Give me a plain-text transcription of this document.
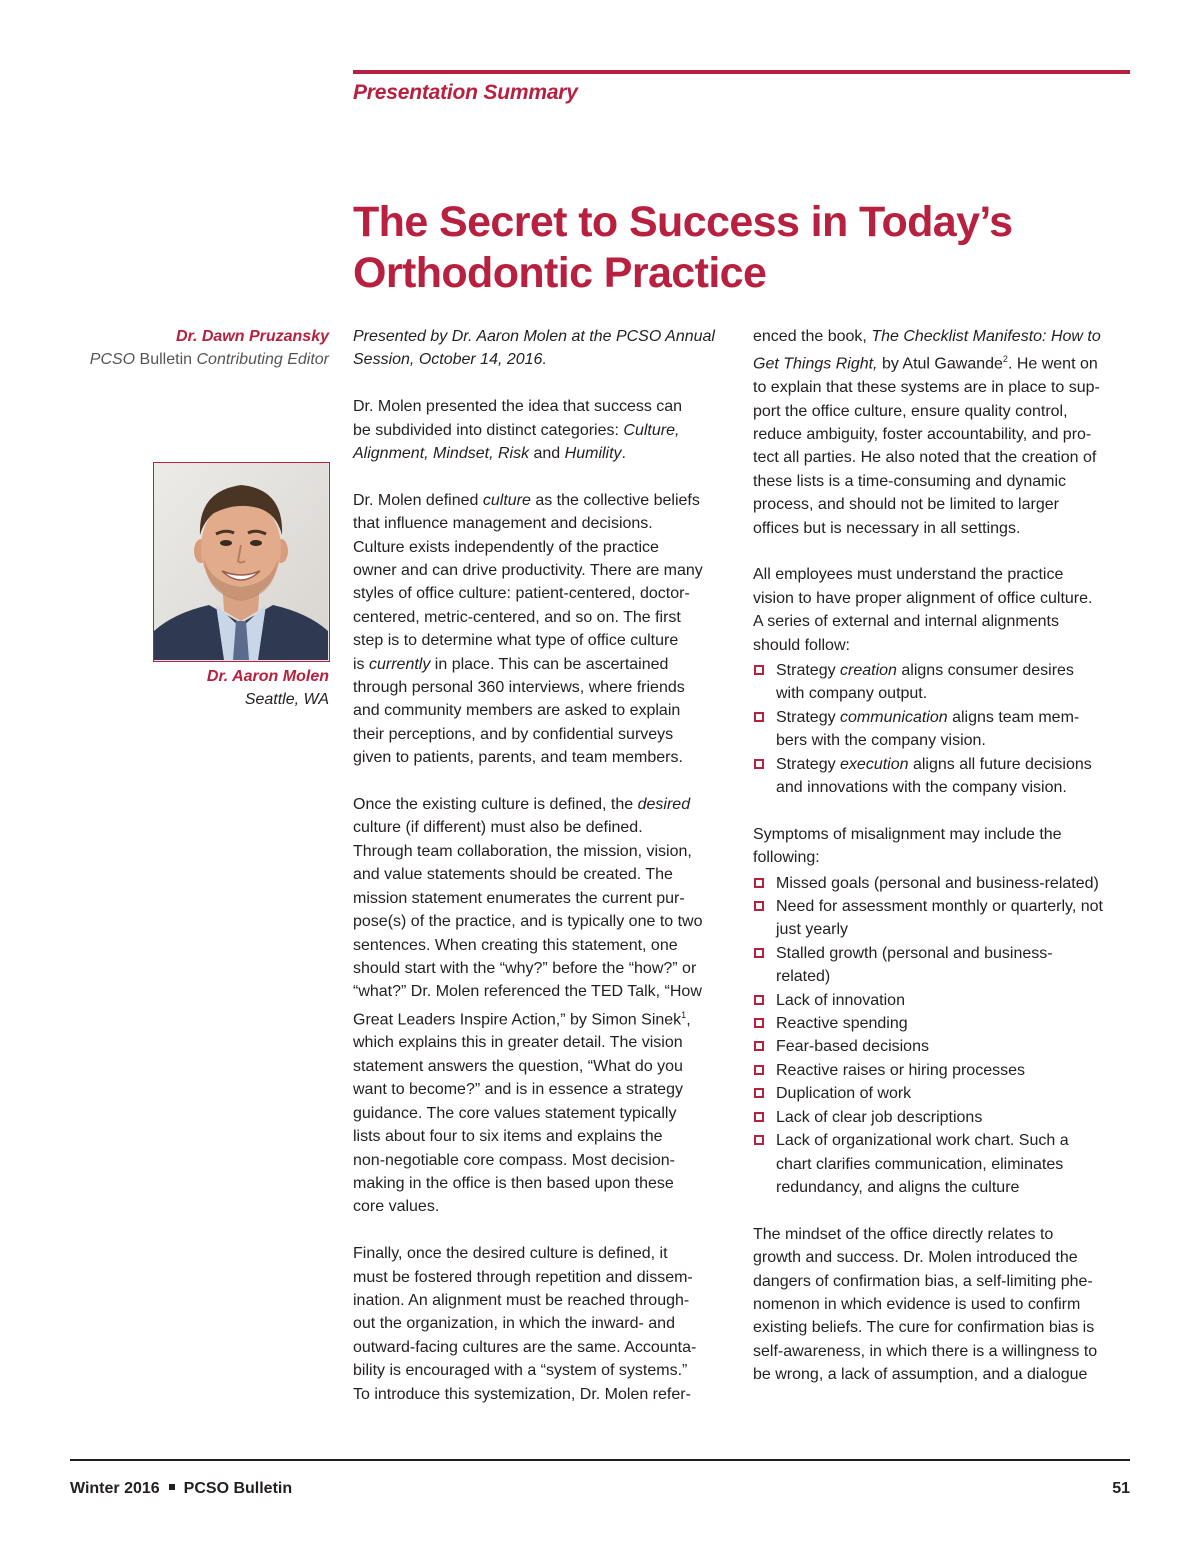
Presentation Summary
The Secret to Success in Today’s
Orthodontic Practice
Dr. Dawn Pruzansky
PCSO Bulletin Contributing Editor
Dr. Aaron Molen
Seattle, WA

Presented by Dr. Aaron Molen at the PCSO Annual
Session, October 14, 2016.

Dr. Molen presented the idea that success can
be subdivided into distinct categories: Culture,
Alignment, Mindset, Risk and Humility.

Dr. Molen defined culture as the collective beliefs
that influence management and decisions.
Culture exists independently of the practice
owner and can drive productivity. There are many
styles of office culture: patient-centered, doctor-
centered, metric-centered, and so on. The first
step is to determine what type of office culture
is currently in place. This can be ascertained
through personal 360 interviews, where friends
and community members are asked to explain
their perceptions, and by confidential surveys
given to patients, parents, and team members.

Once the existing culture is defined, the desired
culture (if different) must also be defined.
Through team collaboration, the mission, vision,
and value statements should be created. The
mission statement enumerates the current pur-
pose(s) of the practice, and is typically one to two
sentences. When creating this statement, one
should start with the “why?” before the “how?” or
“what?” Dr. Molen referenced the TED Talk, “How
Great Leaders Inspire Action,” by Simon Sinek$^1$,
which explains this in greater detail. The vision
statement answers the question, “What do you
want to become?” and is in essence a strategy
guidance. The core values statement typically
lists about four to six items and explains the
non-negotiable core compass. Most decision-
making in the office is then based upon these
core values.

Finally, once the desired culture is defined, it
must be fostered through repetition and dissem-
ination. An alignment must be reached through-
out the organization, in which the inward- and
outward-facing cultures are the same. Accounta-
bility is encouraged with a “system of systems.”
To introduce this systemization, Dr. Molen refer-

enced the book, The Checklist Manifesto: How to
Get Things Right, by Atul Gawande$^2$. He went on
to explain that these systems are in place to sup-
port the office culture, ensure quality control,
reduce ambiguity, foster accountability, and pro-
tect all parties. He also noted that the creation of
these lists is a time-consuming and dynamic
process, and should not be limited to larger
offices but is necessary in all settings.

All employees must understand the practice
vision to have proper alignment of office culture.
A series of external and internal alignments
should follow:

Strategy creation aligns consumer desires
with company output.
Strategy communication aligns team mem-
bers with the company vision.
Strategy execution aligns all future decisions
and innovations with the company vision.

Symptoms of misalignment may include the
following:

Missed goals (personal and business-related)
Need for assessment monthly or quarterly, not
just yearly
Stalled growth (personal and business-
related)
Lack of innovation
Reactive spending
Fear-based decisions
Reactive raises or hiring processes
Duplication of work
Lack of clear job descriptions
Lack of organizational work chart. Such a
chart clarifies communication, eliminates
redundancy, and aligns the culture

The mindset of the office directly relates to
growth and success. Dr. Molen introduced the
dangers of confirmation bias, a self-limiting phe-
nomenon in which evidence is used to confirm
existing beliefs. The cure for confirmation bias is
self-awareness, in which there is a willingness to
be wrong, a lack of assumption, and a dialogue

Winter 2016 PCSO Bulletin	51
